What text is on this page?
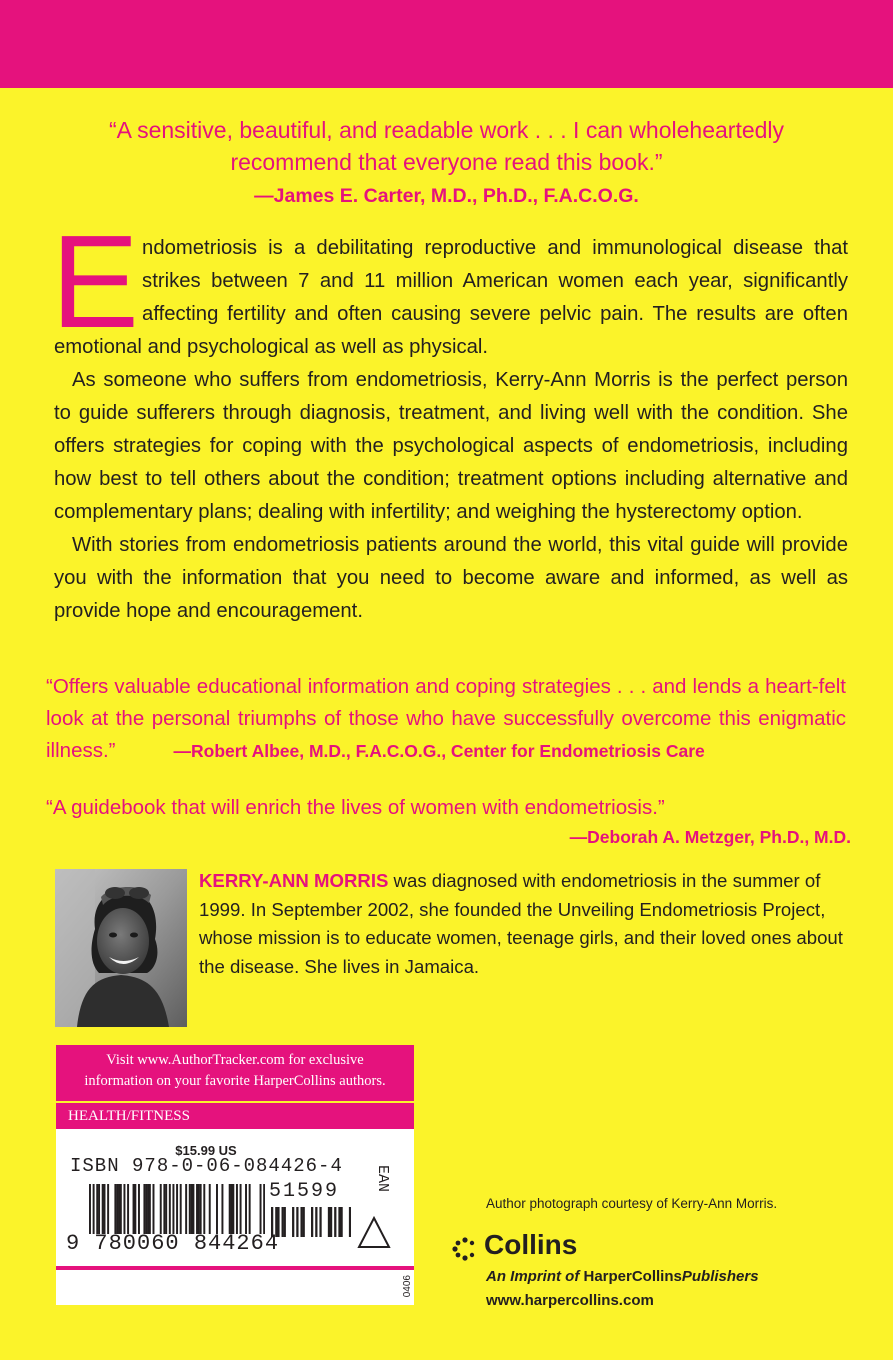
“A sensitive, beautiful, and readable work . . . I can wholeheartedly
recommend that everyone read this book.”
—James E. Carter, M.D., Ph.D., F.A.C.O.G.
E ndometriosis is a debilitating reproductive and immunological disease that strikes between 7 and 11 million American women each year, significantly affecting fertility and often causing severe pelvic pain. The results are often emotional and psychological as well as physical.

As someone who suffers from endometriosis, Kerry-Ann Morris is the perfect person to guide sufferers through diagnosis, treatment, and living well with the condition. She offers strategies for coping with the psychological aspects of endometriosis, including how best to tell others about the condition; treatment options including alternative and complementary plans; dealing with infertility; and weighing the hysterectomy option.

With stories from endometriosis patients around the world, this vital guide will provide you with the information that you need to become aware and informed, as well as provide hope and encouragement.

“Offers valuable educational information and coping strategies . . . and lends a heart-felt look at the personal triumphs of those who have successfully overcome this enigmatic illness.”	—Robert Albee, M.D., F.A.C.O.G., Center for Endometriosis Care
“A guidebook that will enrich the lives of women with endometriosis.”
—Deborah A. Metzger, Ph.D., M.D.
KERRY-ANN MORRIS was diagnosed with endometriosis in the summer of 1999. In September 2002, she founded the Unveiling Endometriosis Project, whose mission is to educate women, teenage girls, and their loved ones about the disease. She lives in Jamaica.
Visit www.AuthorTracker.com for exclusive
information on your favorite HarperCollins authors.
HEALTH/FITNESS
$15.99 US
ISBN 978-0-06-084426-4 EAN
51599
9 780060 844264
0406
Author photograph courtesy of Kerry-Ann Morris.
Collins
An Imprint of HarperCollinsPublishers
www.harpercollins.com
